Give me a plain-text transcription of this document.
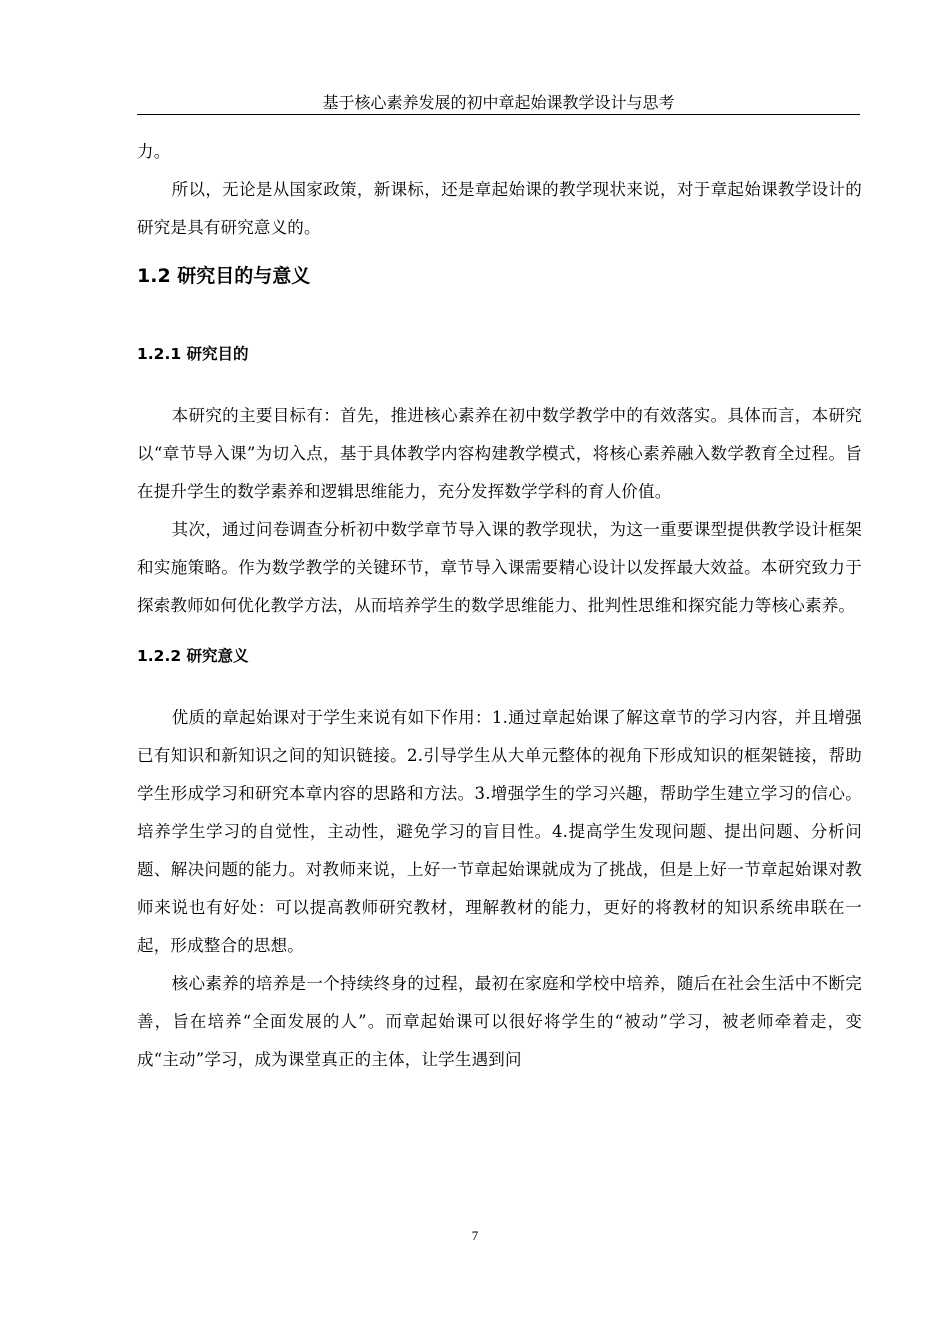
基于核心素养发展的初中章起始课教学设计与思考

力。

所以，无论是从国家政策，新课标，还是章起始课的教学现状来说，对于章起始课教学设计的研究是具有研究意义的。

1.2 研究目的与意义
1.2.1 研究目的

本研究的主要目标有：首先，推进核心素养在初中数学教学中的有效落实。具体而言，本研究以“章节导入课”为切入点，基于具体教学内容构建教学模式，将核心素养融入数学教育全过程。旨在提升学生的数学素养和逻辑思维能力，充分发挥数学学科的育人价值。

其次，通过问卷调查分析初中数学章节导入课的教学现状，为这一重要课型提供教学设计框架和实施策略。作为数学教学的关键环节，章节导入课需要精心设计以发挥最大效益。本研究致力于探索教师如何优化教学方法，从而培养学生的数学思维能力、批判性思维和探究能力等核心素养。

1.2.2 研究意义

优质的章起始课对于学生来说有如下作用：1.通过章起始课了解这章节的学习内容，并且增强已有知识和新知识之间的知识链接。2.引导学生从大单元整体的视角下形成知识的框架链接，帮助学生形成学习和研究本章内容的思路和方法。3.增强学生的学习兴趣，帮助学生建立学习的信心。培养学生学习的自觉性，主动性，避免学习的盲目性。4.提高学生发现问题、提出问题、分析问题、解决问题的能力。对教师来说，上好一节章起始课就成为了挑战，但是上好一节章起始课对教师来说也有好处：可以提高教师研究教材，理解教材的能力，更好的将教材的知识系统串联在一起，形成整合的思想。

核心素养的培养是一个持续终身的过程，最初在家庭和学校中培养，随后在社会生活中不断完善，旨在培养“全面发展的人”。而章起始课可以很好将学生的“被动”学习，被老师牵着走，变成“主动”学习，成为课堂真正的主体，让学生遇到问

7
